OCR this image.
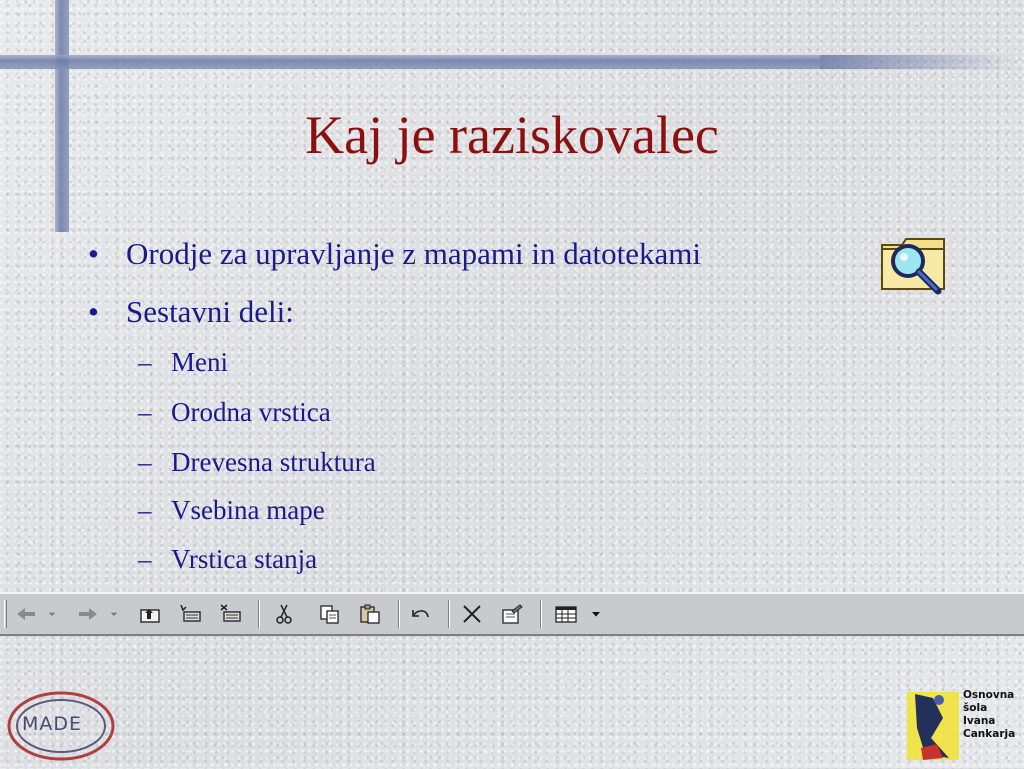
Kaj je raziskovalec
• Orodje za upravljanje z mapami in datotekami
• Sestavni deli:
– Meni
– Orodna vrstica
– Drevesna struktura
– Vsebina mape
– Vrstica stanja
MADE
Osnovna
šola
Ivana
Cankarja
